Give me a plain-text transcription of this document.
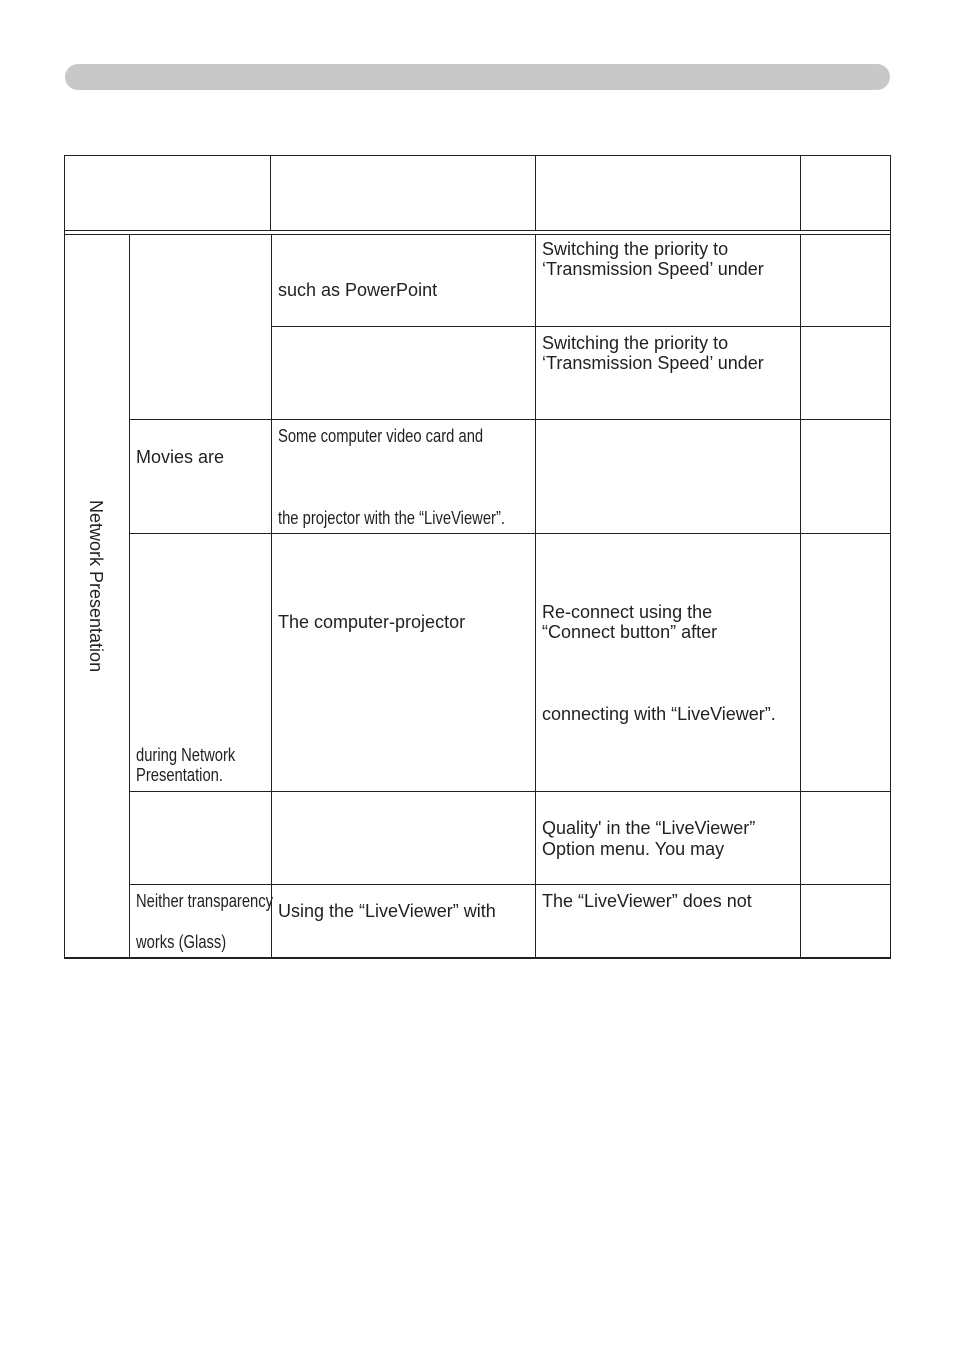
Network Presentation
such as PowerPoint
Switching the priority to
‘Transmission Speed’ under
Switching the priority to
‘Transmission Speed’ under
Movies are
Some computer video card and
the projector with the “LiveViewer”.
during Network
Presentation.
The computer-projector	Re-connect using the
“Connect button” after
connecting with “LiveViewer”.
Quality' in the “LiveViewer”
Option menu. You may
Neither transparency
works (Glass)
Using the “LiveViewer” with	The “LiveViewer” does not
